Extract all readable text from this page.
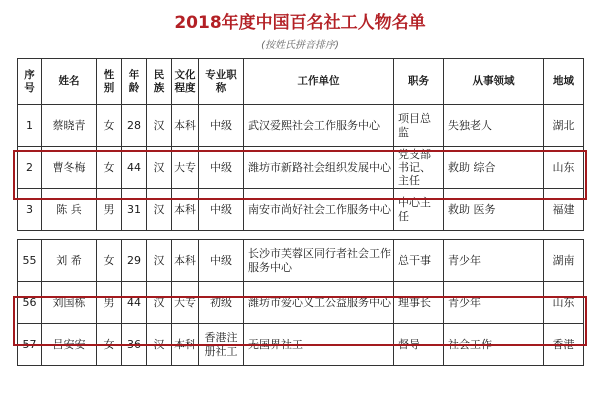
2018年度中国百名社工人物名单
(按姓氏拼音排序)
序号	姓名	性别	年龄	民族	文化程度	专业职称	工作单位	职务	从事领域	地域
1	蔡晓青	女	28	汉	本科	中级	武汉爱熙社会工作服务中心	项目总监	失独老人	湖北
2	曹冬梅	女	44	汉	大专	中级	潍坊市新路社会组织发展中心	党支部书记、主任	救助 综合	山东
3	陈 兵	男	31	汉	本科	中级	南安市尚好社会工作服务中心	中心主任	救助 医务	福建

55	刘 希	女	29	汉	本科	中级	长沙市芙蓉区同行者社会工作服务中心	总干事	青少年	湖南
56	刘国栋	男	44	汉	大专	初级	潍坊市爱心义工公益服务中心	理事长	青少年	山东
57	吕安安	女	36	汉	本科	香港注册社工	无国界社工	督导	社会工作	香港
